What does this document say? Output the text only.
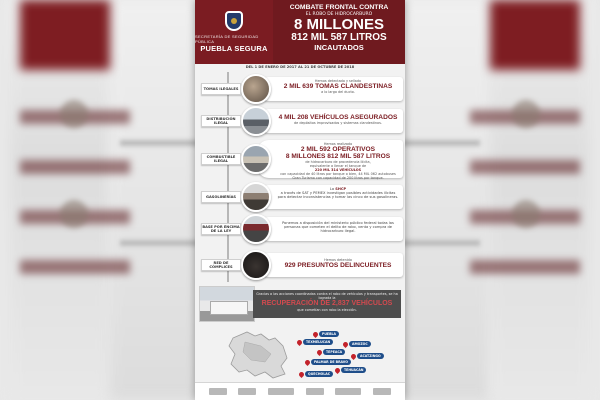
SECRETARÍA DE SEGURIDAD PÚBLICA
PUEBLA SEGURA
COMBATE FRONTAL CONTRA
EL ROBO DE HIDROCARBURO
8 MILLONES
812 MIL 587 LITROS
INCAUTADOS
DEL 1 DE ENERO DE 2017 AL 21 DE OCTUBRE DE 2018
Hemos detectado y sellado
2 MIL 639 TOMAS CLANDESTINAS
a lo largo del ducto.
TOMAS ILEGALES
4 MIL 208 VEHÍCULOS ASEGURADOS
de depósitos improvisados y sistemas clandestinos.
DISTRIBUCIÓN ILEGAL
Hemos realizado
2 MIL 592 OPERATIVOS
8 MILLONES 812 MIL 587 LITROS
de hidrocarburo de procedencia ilícita,
equivalente a llenar el tanque de
220 MIL 314 VEHÍCULOS
con capacidad de 40 litros por tanque o bien, 44 MIL 062 autobuses
Gran Turismo con capacidad de 200 litros por tanque.
COMBUSTIBLE ILEGAL
La SHCP
a través de SAT y PEMEX investigan posibles actividades ilícitas para detectar inconsistencias y tomar las cinco de sus gasolineras.
GASOLINERÍAS
Ponemos a disposición del ministerio público federal todas las personas que cometen el delito de robo, venta y compra de hidrocarburo ilegal.
BASE POR ENCIMA DE LA LEY
Hemos detenido
929 PRESUNTOS DELINCUENTES
RED DE CÓMPLICES
Gracias a las acciones coordinadas contra el robo de vehículos y transportes, se ha lograda la
RECUPERACIÓN DE 2,837 VEHÍCULOS
que cometían con robo la elección.
PUEBLA
TEXMELUCAN	AMOZOC
TEPEACA
ACATZINGO
PALMAR DE BRAVO
TEHUACÁN
QUECHOLAC
